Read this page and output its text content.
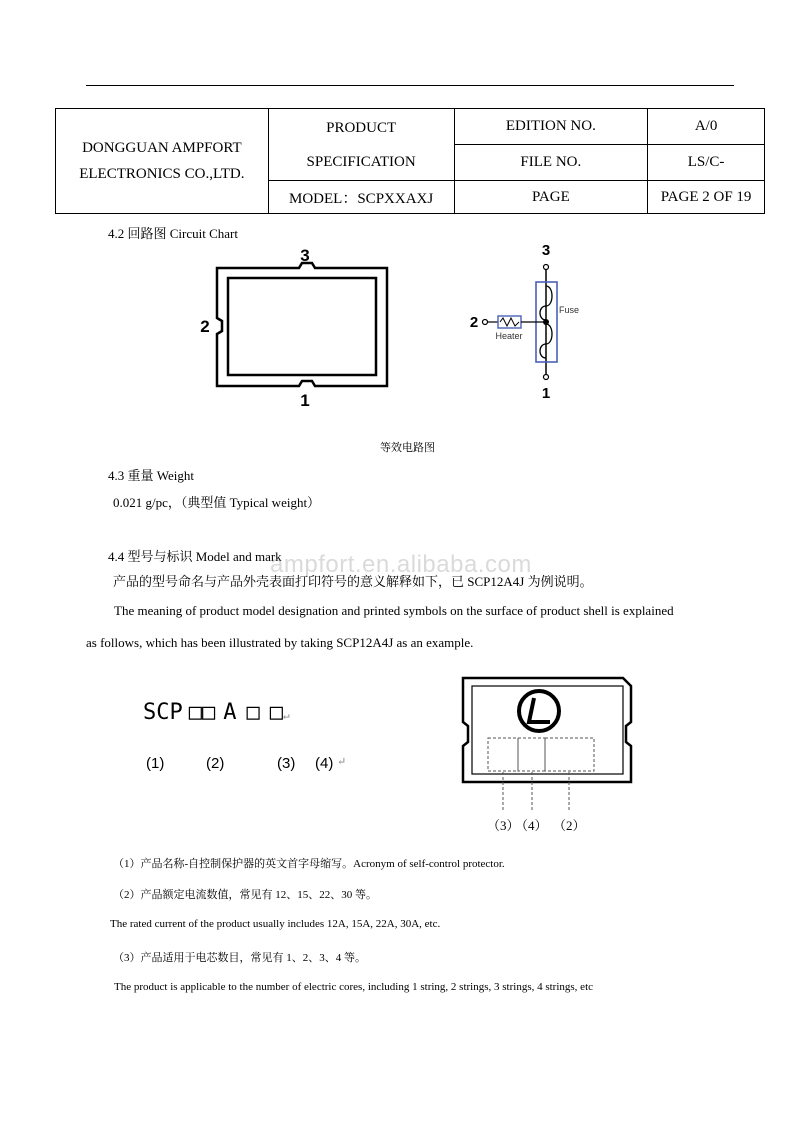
DONGGUAN AMPFORT
ELECTRONICS CO.,LTD.	PRODUCT
SPECIFICATION	EDITION NO.	A/0
		FILE NO.	LS/C-
	MODEL：SCPXXAXJ	PAGE	PAGE 2 OF 19
4.2 回路图 Circuit Chart
3
2
1
3
Fuse
2
Heater
1
等效电路图
4.3 重量 Weight
0.021 g/pc，（典型值 Typical weight）
4.4 型号与标识 Model and mark
产品的型号命名与产品外壳表面打印符号的意义解释如下，已 SCP12A4J 为例说明。
The meaning of product model designation and printed symbols on the surface of product shell is explained
as follows, which has been illustrated by taking SCP12A4J as an example.
ampfort.en.alibaba.com
SCP □□ A □ □↵
(1)	(2)	(3) (4) ↵
（3）
（4） （2）
（1）产品名称-自控制保护器的英文首字母缩写。Acronym of self-control protector.
（2）产品额定电流数值，常见有 12、15、22、30 等。
The rated current of the product usually includes 12A, 15A, 22A, 30A, etc.
（3）产品适用于电芯数目，常见有 1、2、3、4 等。
The product is applicable to the number of electric cores, including 1 string, 2 strings, 3 strings, 4 strings, etc
